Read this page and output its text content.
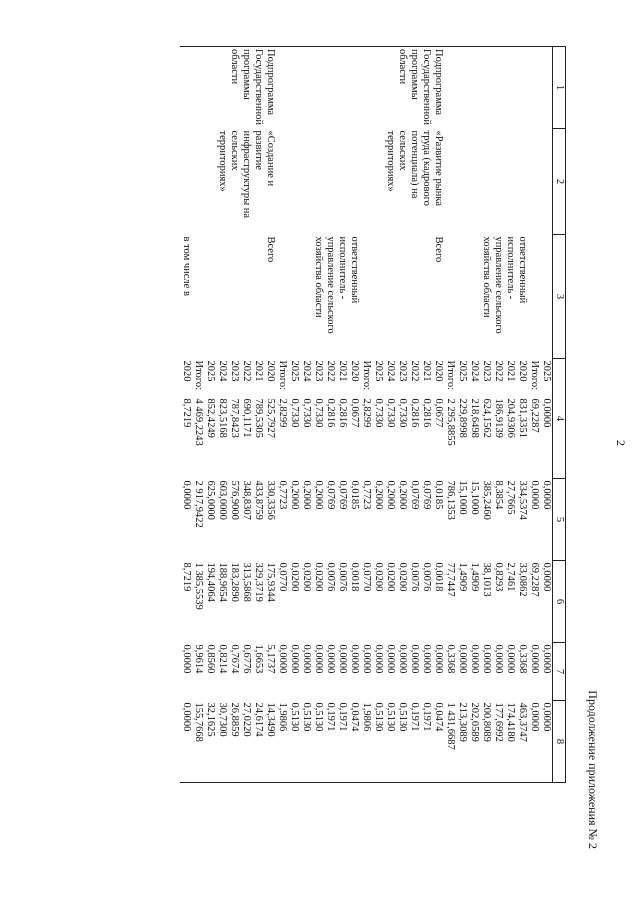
2
Продолжение приложения № 2
1	2	3	4		5	6	7	8
			2025	0,0000	0,0000	0,0000	0,0000	0,0000
			Итого:	69,2287	0,0000	69,2287	0,0000	0,0000
		ответственный	2020	831,3351	334,5374	33,0862	0,3368	463,3747
		исполнитель -	2021	204,9306	27,7665	2,7461	0,0000	174,4180
		управление сельского	2022	186,9139	8,3854	0,8293	0,0000	177,6992
		хозяйства области	2023	624,1562	385,2460	38,1013	0,0000	200,8089
			2024	218,6498	15,1000	1,4909	0,0000	202,0589
			2025	229,8998	15,1000	1,4909	0,0000	213,3089
			Итого:	2 295,8855	786,1353	77,7447	0,3368	1 431,6687
Подпрограмма	«Развитие рынка	Всего	2020	0,0677	0,0185	0,0018	0,0000	0,0474
Государственной	труда (кадрового		2021	0,2816	0,0769	0,0076	0,0000	0,1971
программы	потенциала) на		2022	0,2816	0,0769	0,0076	0,0000	0,1971
области	сельских		2023	0,7330	0,2000	0,0200	0,0000	0,5130
	территориях»		2024	0,7330	0,2000	0,0200	0,0000	0,5130
			2025	0,7330	0,2000	0,0200	0,0000	0,5130
			Итого:	2,8299	0,7723	0,0770	0,0000	1,9806
		ответственный	2020	0,0677	0,0185	0,0018	0,0000	0,0474
		исполнитель -	2021	0,2816	0,0769	0,0076	0,0000	0,1971
		управление сельского	2022	0,2816	0,0769	0,0076	0,0000	0,1971
		хозяйства области	2023	0,7330	0,2000	0,0200	0,0000	0,5130
			2024	0,7330	0,2000	0,0200	0,0000	0,5130
			2025	0,7330	0,2000	0,0200	0,0000	0,5130
			Итого:	2,8299	0,7723	0,0770	0,0000	1,9806
Подпрограмма	«Создание и	Всего	2020	525,7927	330,3356	175,9344	5,1737	14,3490
Государственной	развитие		2021	789,5305	433,8759	329,3719	1,6653	24,6174
программы	инфраструктуры на		2022	690,1171	348,8307	313,5868	0,6776	27,0220
области	сельских		2023	787,8423	576,9000	183,2890	0,7674	26,8859
	территориях»		2024	823,5168	603,0000	188,9654	0,8214	30,7300
			2025	852,4249	625,0000	194,4064	0,8560	32,1625
			Итого:	4 469,2243	2 917,9422	1 385,5539	9,9614	155,7668
		в том числе в	2020	8,7219	0,0000	8,7219	0,0000	0,0000
